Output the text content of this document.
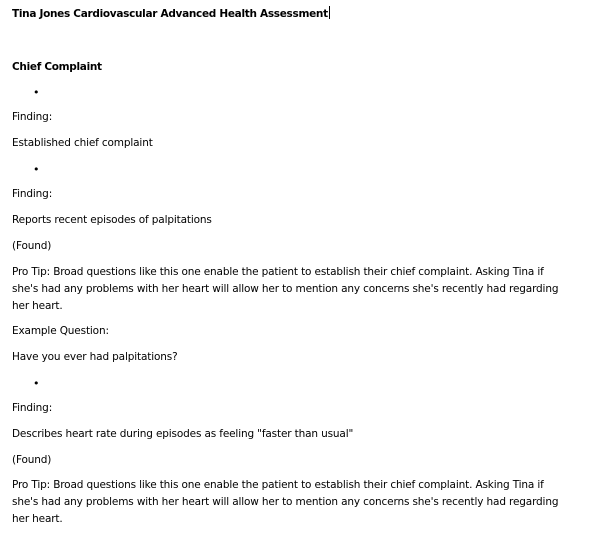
Tina Jones Cardiovascular Advanced Health Assessment
Chief Complaint
•
Finding:
Established chief complaint
•
Finding:
Reports recent episodes of palpitations
(Found)
Pro Tip: Broad questions like this one enable the patient to establish their chief complaint. Asking Tina if she's had any problems with her heart will allow her to mention any concerns she's recently had regarding her heart.
Example Question:
Have you ever had palpitations?
•
Finding:
Describes heart rate during episodes as feeling "faster than usual"
(Found)
Pro Tip: Broad questions like this one enable the patient to establish their chief complaint. Asking Tina if she's had any problems with her heart will allow her to mention any concerns she's recently had regarding her heart.
